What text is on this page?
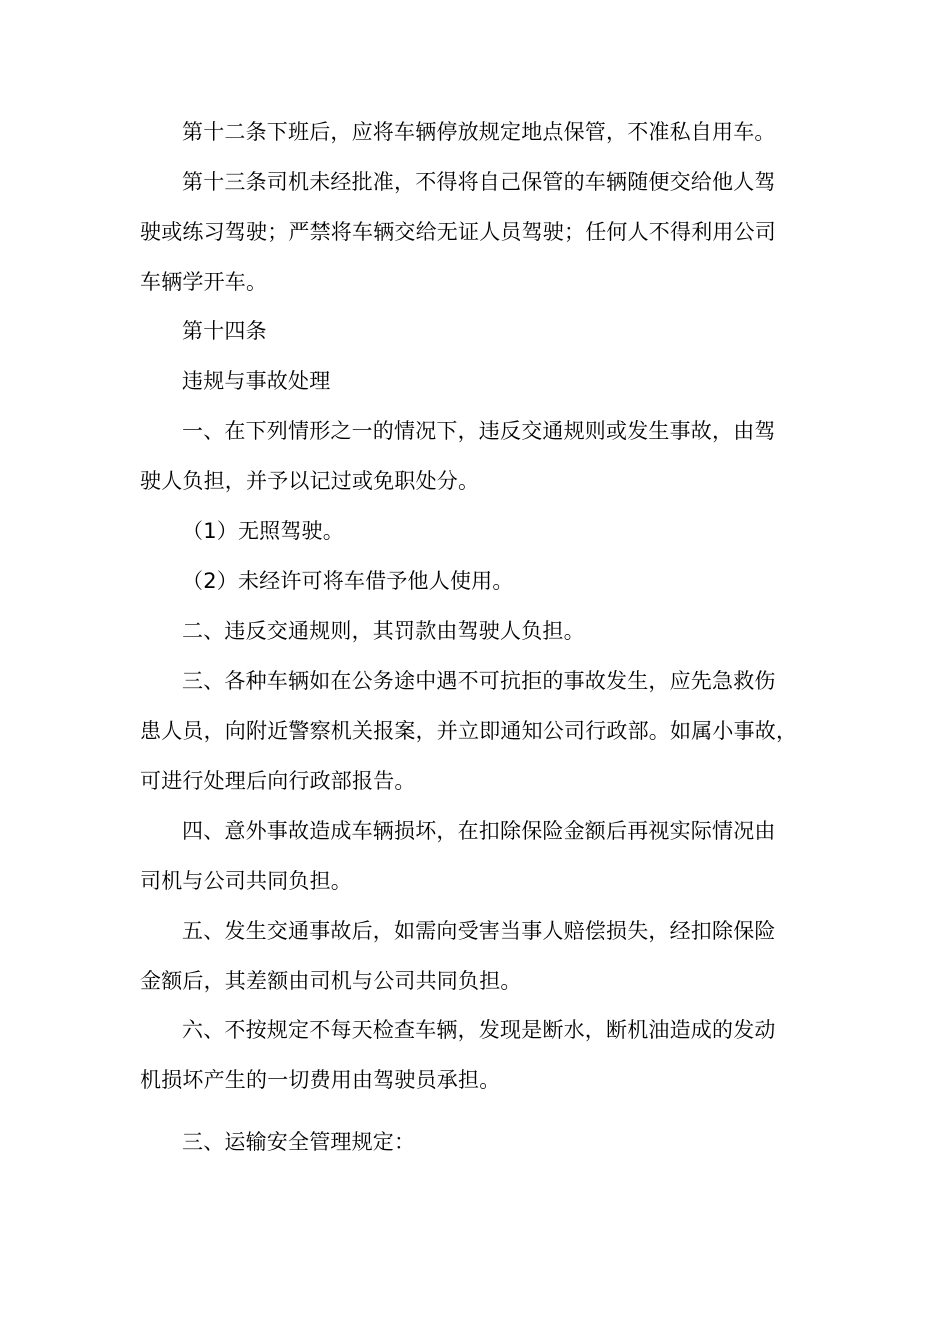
第十二条下班后，应将车辆停放规定地点保管，不准私自用车。

第十三条司机未经批准，不得将自己保管的车辆随便交给他人驾

驶或练习驾驶；严禁将车辆交给无证人员驾驶；任何人不得利用公司

车辆学开车。

第十四条

违规与事故处理

一、在下列情形之一的情况下，违反交通规则或发生事故，由驾

驶人负担，并予以记过或免职处分。

（1）无照驾驶。

（2）未经许可将车借予他人使用。

二、违反交通规则，其罚款由驾驶人负担。

三、各种车辆如在公务途中遇不可抗拒的事故发生，应先急救伤

患人员，向附近警察机关报案，并立即通知公司行政部。如属小事故，

可进行处理后向行政部报告。

四、意外事故造成车辆损坏，在扣除保险金额后再视实际情况由

司机与公司共同负担。

五、发生交通事故后，如需向受害当事人赔偿损失，经扣除保险

金额后，其差额由司机与公司共同负担。

六、不按规定不每天检查车辆，发现是断水，断机油造成的发动

机损坏产生的一切费用由驾驶员承担。

三、运输安全管理规定：
